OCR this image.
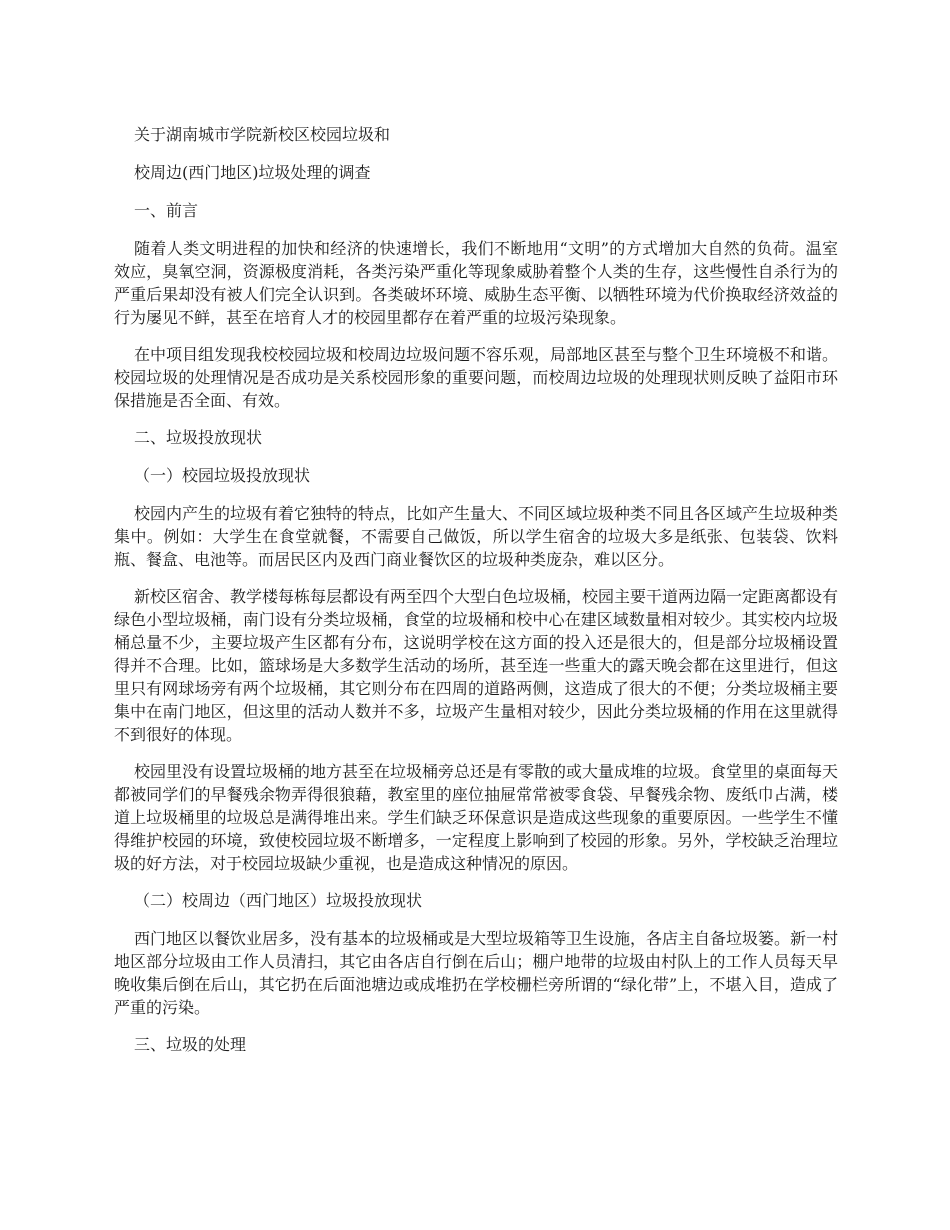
关于湖南城市学院新校区校园垃圾和

校周边(西门地区)垃圾处理的调查

一、前言

随着人类文明进程的加快和经济的快速增长，我们不断地用“文明”的方式增加大自然的负荷。温室效应，臭氧空洞，资源极度消耗，各类污染严重化等现象威胁着整个人类的生存，这些慢性自杀行为的严重后果却没有被人们完全认识到。各类破坏环境、威胁生态平衡、以牺牲环境为代价换取经济效益的行为屡见不鲜，甚至在培育人才的校园里都存在着严重的垃圾污染现象。

在中项目组发现我校校园垃圾和校周边垃圾问题不容乐观，局部地区甚至与整个卫生环境极不和谐。校园垃圾的处理情况是否成功是关系校园形象的重要问题，而校周边垃圾的处理现状则反映了益阳市环保措施是否全面、有效。

二、垃圾投放现状

（一）校园垃圾投放现状

校园内产生的垃圾有着它独特的特点，比如产生量大、不同区域垃圾种类不同且各区域产生垃圾种类集中。例如：大学生在食堂就餐，不需要自己做饭，所以学生宿舍的垃圾大多是纸张、包装袋、饮料瓶、餐盒、电池等。而居民区内及西门商业餐饮区的垃圾种类庞杂，难以区分。

新校区宿舍、教学楼每栋每层都设有两至四个大型白色垃圾桶，校园主要干道两边隔一定距离都设有绿色小型垃圾桶，南门设有分类垃圾桶，食堂的垃圾桶和校中心在建区域数量相对较少。其实校内垃圾桶总量不少，主要垃圾产生区都有分布，这说明学校在这方面的投入还是很大的，但是部分垃圾桶设置得并不合理。比如，篮球场是大多数学生活动的场所，甚至连一些重大的露天晚会都在这里进行，但这里只有网球场旁有两个垃圾桶，其它则分布在四周的道路两侧，这造成了很大的不便；分类垃圾桶主要集中在南门地区，但这里的活动人数并不多，垃圾产生量相对较少，因此分类垃圾桶的作用在这里就得不到很好的体现。

校园里没有设置垃圾桶的地方甚至在垃圾桶旁总还是有零散的或大量成堆的垃圾。食堂里的桌面每天都被同学们的早餐残余物弄得很狼藉，教室里的座位抽屉常常被零食袋、早餐残余物、废纸巾占满，楼道上垃圾桶里的垃圾总是满得堆出来。学生们缺乏环保意识是造成这些现象的重要原因。一些学生不懂得维护校园的环境，致使校园垃圾不断增多，一定程度上影响到了校园的形象。另外，学校缺乏治理垃圾的好方法，对于校园垃圾缺少重视，也是造成这种情况的原因。

（二）校周边（西门地区）垃圾投放现状

西门地区以餐饮业居多，没有基本的垃圾桶或是大型垃圾箱等卫生设施，各店主自备垃圾篓。新一村地区部分垃圾由工作人员清扫，其它由各店自行倒在后山；棚户地带的垃圾由村队上的工作人员每天早晚收集后倒在后山，其它扔在后面池塘边或成堆扔在学校栅栏旁所谓的“绿化带”上，不堪入目，造成了严重的污染。

三、垃圾的处理
